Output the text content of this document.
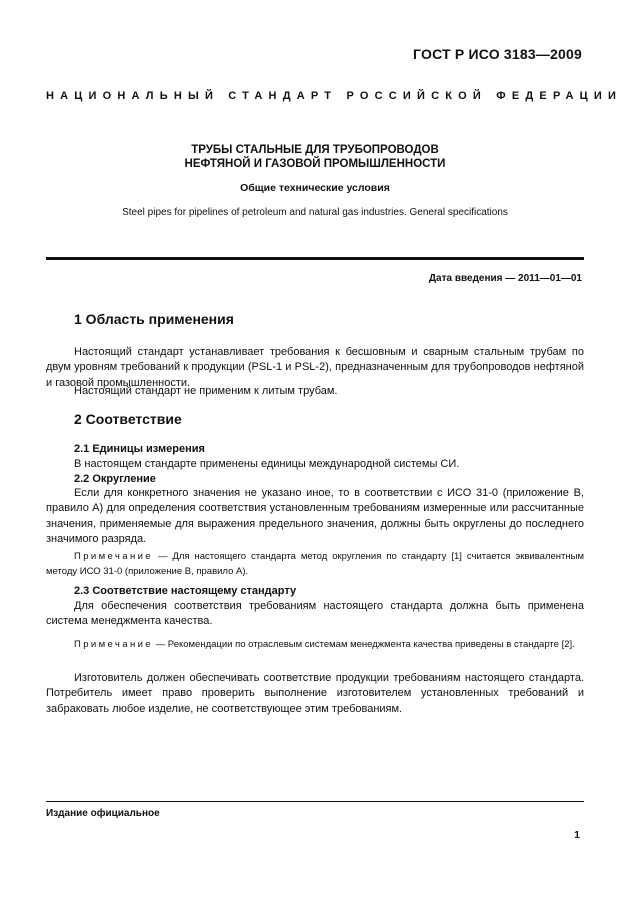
ГОСТ Р ИСО 3183—2009
НАЦИОНАЛЬНЫЙ СТАНДАРТ РОССИЙСКОЙ ФЕДЕРАЦИИ
ТРУБЫ СТАЛЬНЫЕ ДЛЯ ТРУБОПРОВОДОВ
НЕФТЯНОЙ И ГАЗОВОЙ ПРОМЫШЛЕННОСТИ
Общие технические условия
Steel pipes for pipelines of petroleum and natural gas industries. General specifications
Дата введения — 2011—01—01
1 Область применения
Настоящий стандарт устанавливает требования к бесшовным и сварным стальным трубам по двум уровням требований к продукции (PSL-1 и PSL-2), предназначенным для трубопроводов нефтяной и газовой промышленности.
Настоящий стандарт не применим к литым трубам.
2 Соответствие
2.1 Единицы измерения
В настоящем стандарте применены единицы международной системы СИ.
2.2 Округление
Если для конкретного значения не указано иное, то в соответствии с ИСО 31-0 (приложение В, правило А) для определения соответствия установленным требованиям измеренные или рассчитанные значения, применяемые для выражения предельного значения, должны быть округлены до последнего значимого разряда.
Примечание — Для настоящего стандарта метод округления по стандарту [1] считается эквивалентным методу ИСО 31-0 (приложение В, правило А).
2.3 Соответствие настоящему стандарту
Для обеспечения соответствия требованиям настоящего стандарта должна быть применена система менеджмента качества.
Примечание — Рекомендации по отраслевым системам менеджмента качества приведены в стандарте [2].
Изготовитель должен обеспечивать соответствие продукции требованиям настоящего стандарта. Потребитель имеет право проверить выполнение изготовителем установленных требований и забраковать любое изделие, не соответствующее этим требованиям.
Издание официальное
1
